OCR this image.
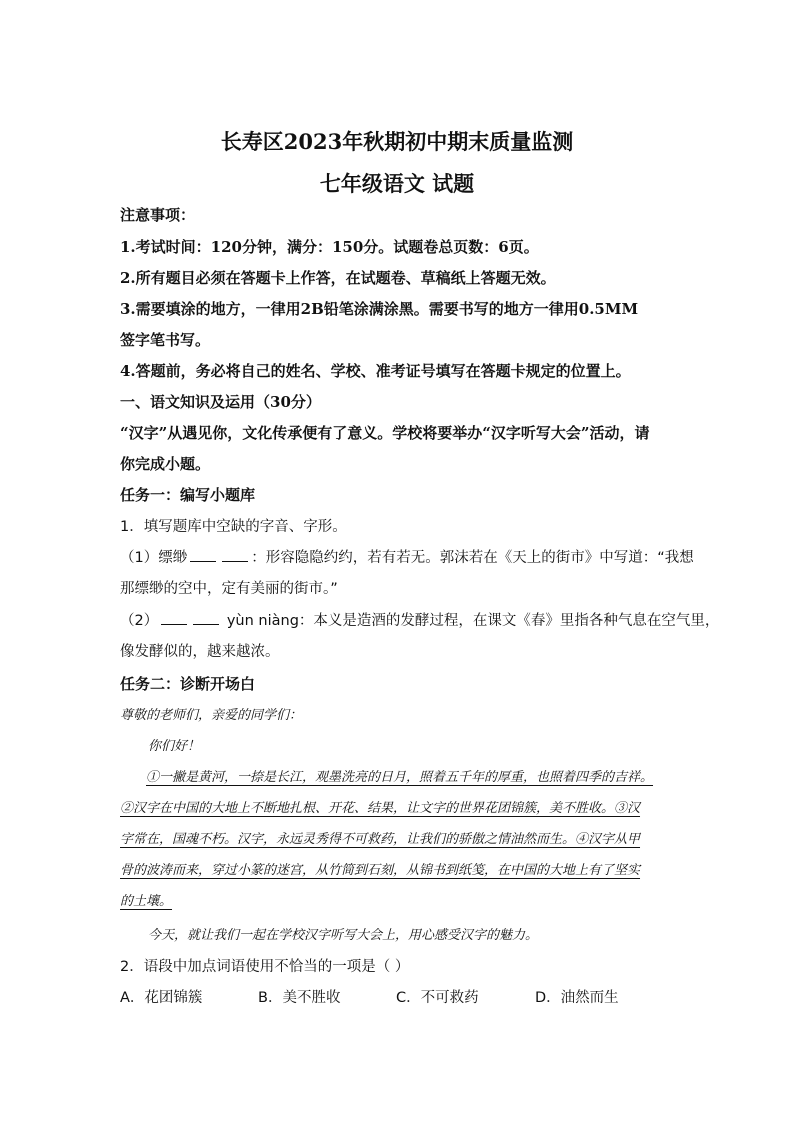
长寿区2023年秋期初中期末质量监测
七年级语文 试题
注意事项：
1.考试时间：120分钟，满分：150分。试题卷总页数：6页。
2.所有题目必须在答题卡上作答，在试题卷、草稿纸上答题无效。
3.需要填涂的地方，一律用2B铅笔涂满涂黑。需要书写的地方一律用0.5MM
签字笔书写。
4.答题前，务必将自己的姓名、学校、准考证号填写在答题卡规定的位置上。
一、语文知识及运用（30分）
“汉字”从遇见你，文化传承便有了意义。学校将要举办“汉字听写大会”活动，请
你完成小题。
任务一：编写小题库
1．填写题库中空缺的字音、字形。
（1）缥缈	：形容隐隐约约，若有若无。郭沫若在《天上的街市》中写道：“我想
那缥缈的空中，定有美丽的街市。”
（2）	yùn niàng：本义是造酒的发酵过程，在课文《春》里指各种气息在空气里，
像发酵似的，越来越浓。
任务二：诊断开场白
尊敬的老师们，亲爱的同学们：
你们好！
①一撇是黄河，一捺是长江，观墨洗亮的日月，照着五千年的厚重，也照着四季的吉祥。
②汉字在中国的大地上不断地扎根、开花、结果，让文字的世界花团锦簇，美不胜收。③汉
字常在，国魂不朽。汉字，永远灵秀得不可救药，让我们的骄傲之情油然而生。④汉字从甲
骨的波涛而来，穿过小篆的迷宫，从竹简到石刻，从锦书到纸笺，在中国的大地上有了坚实
的土壤。
今天，就让我们一起在学校汉字听写大会上，用心感受汉字的魅力。
2．语段中加点词语使用不恰当的一项是（ ）
A．花团锦簇	B．美不胜收	C．不可救药	D．油然而生
